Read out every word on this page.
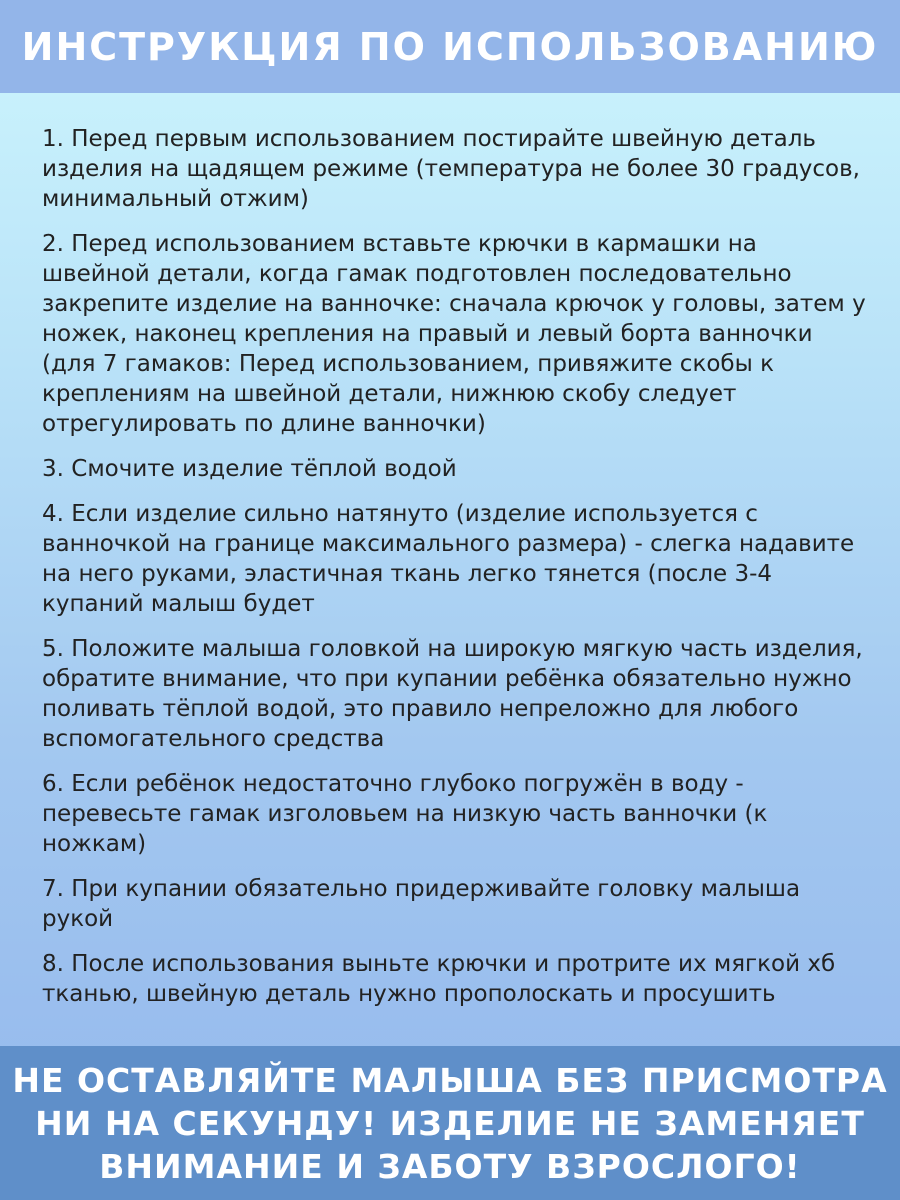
ИНСТРУКЦИЯ ПО ИСПОЛЬЗОВАНИЮ

1. Перед первым использованием постирайте швейную деталь изделия на щадящем режиме (температура не более 30 градусов, минимальный отжим)

2. Перед использованием вставьте крючки в кармашки на швейной детали, когда гамак подготовлен последовательно закрепите изделие на ванночке: сначала крючок у головы, затем у ножек, наконец крепления на правый и левый борта ванночки (для 7 гамаков: Перед использованием, привяжите скобы к креплениям на швейной детали, нижнюю скобу следует отрегулировать по длине ванночки)

3. Смочите изделие тёплой водой

4. Если изделие сильно натянуто (изделие используется с ванночкой на границе максимального размера) - слегка надавите на него руками, эластичная ткань легко тянется (после 3-4 купаний малыш будет

5. Положите малыша головкой на широкую мягкую часть изделия, обратите внимание, что при купании ребёнка обязательно нужно поливать тёплой водой, это правило непреложно для любого вспомогательного средства

6. Если ребёнок недостаточно глубоко погружён в воду - перевесьте гамак изголовьем на низкую часть ванночки (к ножкам)

7. При купании обязательно придерживайте головку малыша рукой

8. После использования выньте крючки и протрите их мягкой хб тканью, швейную деталь нужно прополоскать и просушить

НЕ ОСТАВЛЯЙТЕ МАЛЫША БЕЗ ПРИСМОТРА
НИ НА СЕКУНДУ! ИЗДЕЛИЕ НЕ ЗАМЕНЯЕТ
ВНИМАНИЕ И ЗАБОТУ ВЗРОСЛОГО!
